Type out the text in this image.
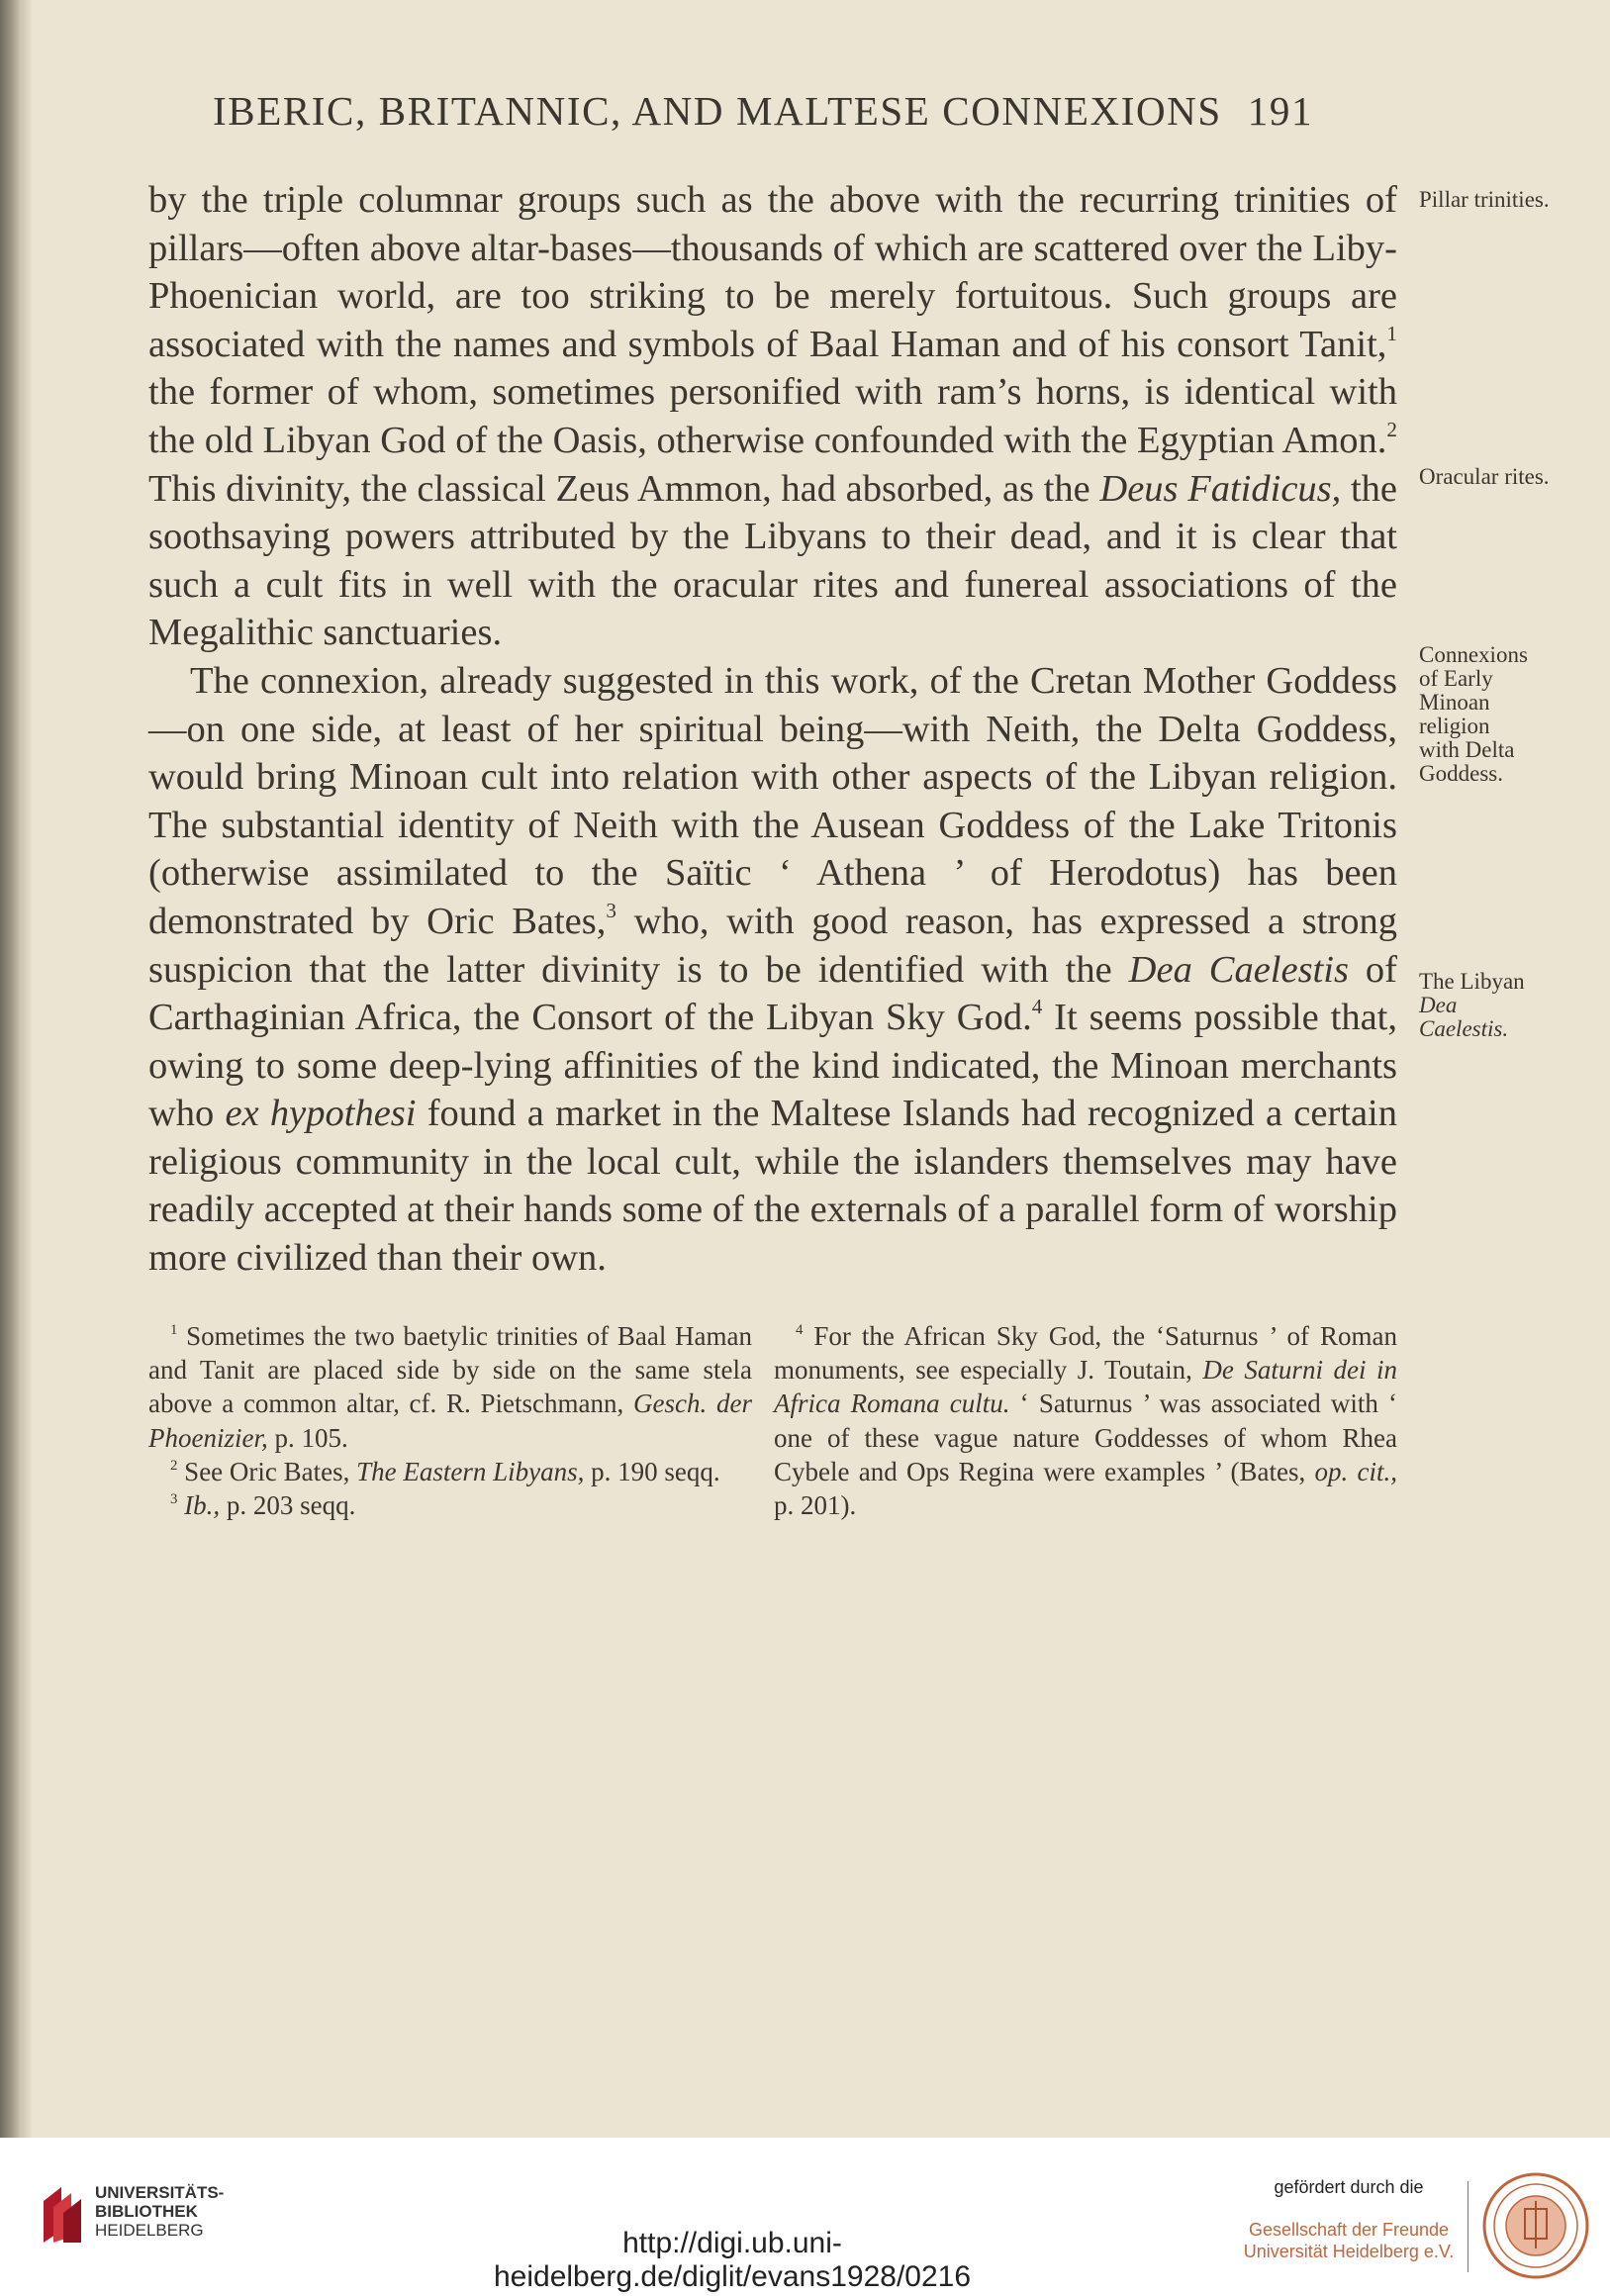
IBERIC, BRITANNIC, AND MALTESE CONNEXIONS 191

by the triple columnar groups such as the above with the recurring trinities of pillars—often above altar-bases—thousands of which are scattered over the Liby-Phoenician world, are too striking to be merely fortuitous. Such groups are associated with the names and symbols of Baal Haman and of his consort Tanit,$^1$ the former of whom, sometimes personified with ram’s horns, is identical with the old Libyan God of the Oasis, otherwise confounded with the Egyptian Amon.$^2$ This divinity, the classical Zeus Ammon, had absorbed, as the Deus Fatidicus, the soothsaying powers attributed by the Libyans to their dead, and it is clear that such a cult fits in well with the oracular rites and funereal associations of the Megalithic sanctuaries.

The connexion, already suggested in this work, of the Cretan Mother Goddess—on one side, at least of her spiritual being—with Neith, the Delta Goddess, would bring Minoan cult into relation with other aspects of the Libyan religion. The substantial identity of Neith with the Ausean Goddess of the Lake Tritonis (otherwise assimilated to the Saïtic ‘ Athena ’ of Herodotus) has been demonstrated by Oric Bates,$^3$ who, with good reason, has expressed a strong suspicion that the latter divinity is to be identified with the Dea Caelestis of Carthaginian Africa, the Consort of the Libyan Sky God.$^4$ It seems possible that, owing to some deep-lying affinities of the kind indicated, the Minoan merchants who ex hypothesi found a market in the Maltese Islands had recognized a certain religious community in the local cult, while the islanders themselves may have readily accepted at their hands some of the externals of a parallel form of worship more civilized than their own.

Pillar trinities.
Oracular rites.
Connexions of Early Minoan religion with Delta Goddess.
The Libyan Dea Caelestis.

$^1$ Sometimes the two baetylic trinities of Baal Haman and Tanit are placed side by side on the same stela above a common altar, cf. R. Pietschmann, Gesch. der Phoenizier, p. 105.

$^2$ See Oric Bates, The Eastern Libyans, p. 190 seqq.

$^3$ Ib., p. 203 seqq.

$^4$ For the African Sky God, the ‘Saturnus ’ of Roman monuments, see especially J. Toutain, De Saturni dei in Africa Romana cultu. ‘ Saturnus ’ was associated with ‘ one of these vague nature Goddesses of whom Rhea Cybele and Ops Regina were examples ’ (Bates, op. cit., p. 201).

UNIVERSITÄTS-
BIBLIOTHEK
HEIDELBERG	http://digi.ub.uni-heidelberg.de/diglit/evans1928/0216
gefördert durch die
Gesellschaft der Freunde
Universität Heidelberg e.V.
